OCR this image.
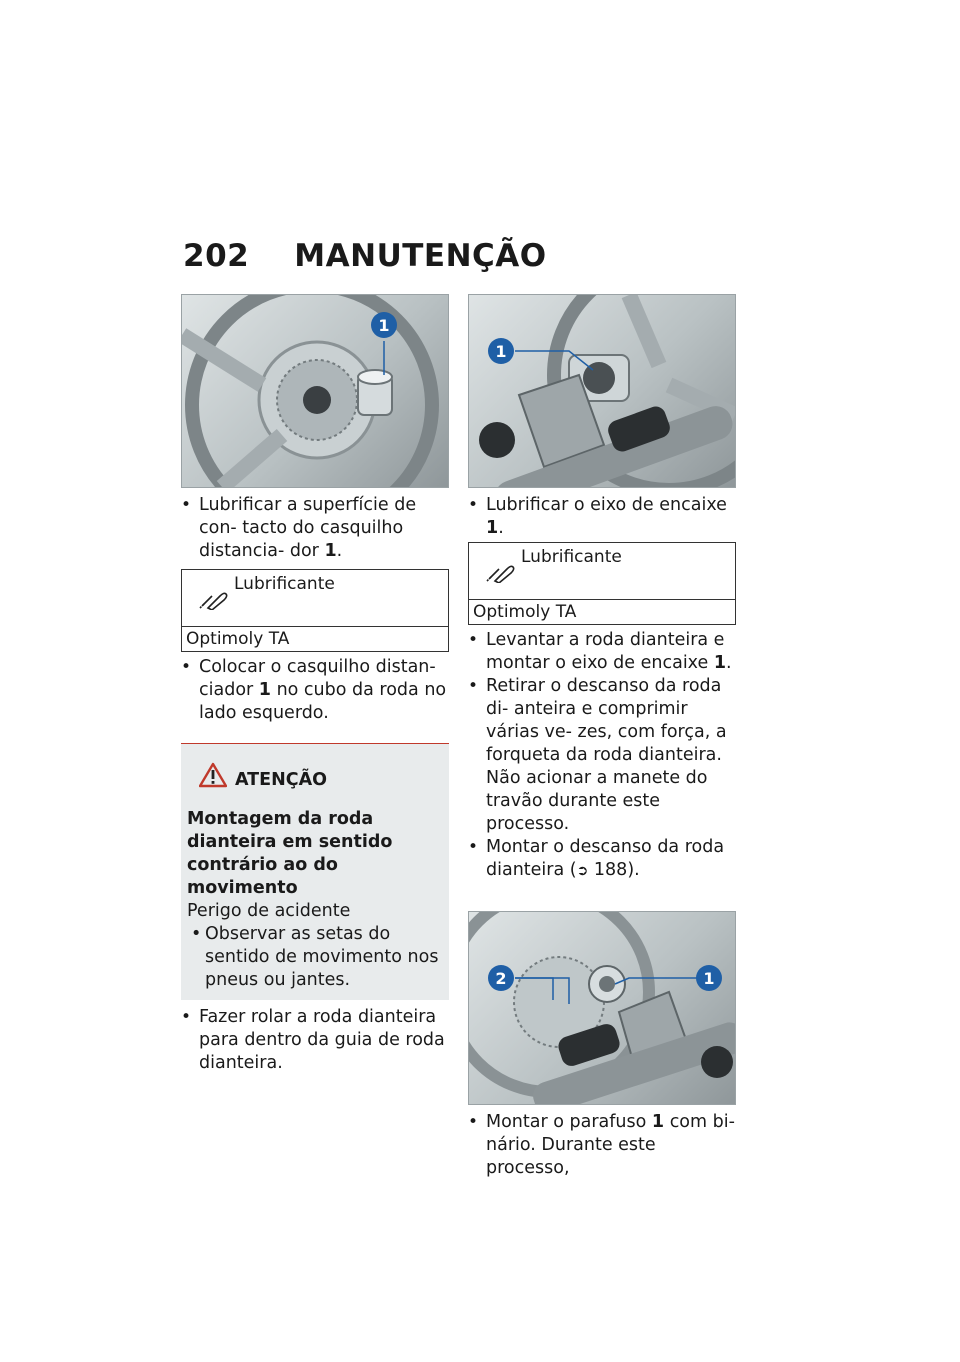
202 MANUTENÇÃO
1

• Lubrificar a superfície de con- tacto do casquilho distancia- dor 1.

Lubrificante
Optimoly TA

• Colocar o casquilho distan- ciador 1 no cubo da roda no lado esquerdo.

ATENÇÃO
Montagem da roda dianteira em sentido contrário ao do movimento
Perigo de acidente
• Observar as setas do sentido de movimento nos pneus ou jantes.

• Fazer rolar a roda dianteira para dentro da guia de roda dianteira.

1

• Lubrificar o eixo de encaixe 1.

Lubrificante
Optimoly TA

• Levantar a roda dianteira e montar o eixo de encaixe 1.

• Retirar o descanso da roda di- anteira e comprimir várias ve- zes, com força, a forqueta da roda dianteira. Não acionar a manete do travão durante este processo.

• Montar o descanso da roda dianteira (➲ 188).

2	1

• Montar o parafuso 1 com bi- nário. Durante este processo,
